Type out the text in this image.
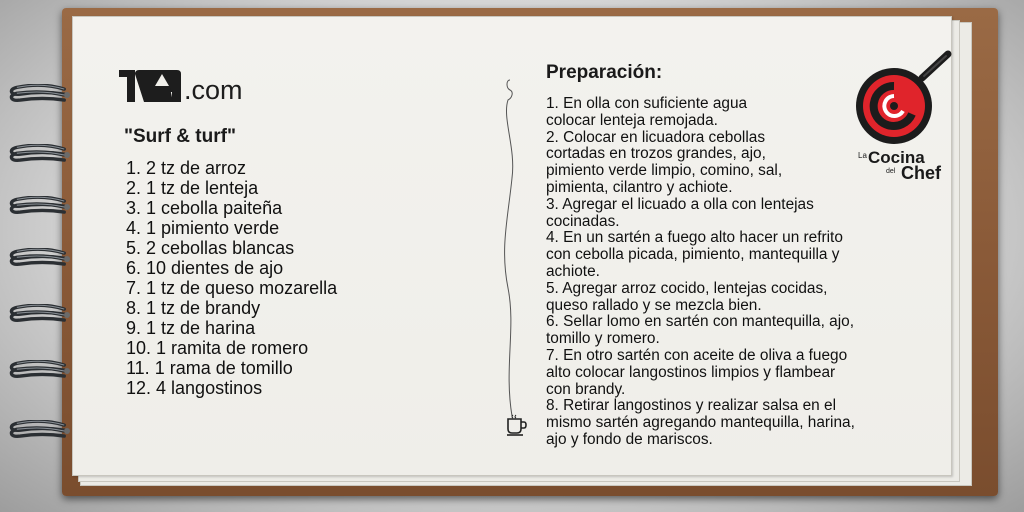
.com
"Surf & turf"
1. 2 tz de arroz
2. 1 tz de lenteja
3. 1 cebolla paiteña
4. 1 pimiento verde
5. 2 cebollas blancas
6. 10 dientes de ajo
7. 1 tz de queso mozarella
8. 1 tz de brandy
9. 1 tz de harina
10. 1 ramita de romero
11. 1 rama de tomillo
12. 4 langostinos
Preparación:
1. En olla con suficiente agua
colocar lenteja remojada.
2. Colocar en licuadora cebollas
cortadas en trozos grandes, ajo,
pimiento verde limpio, comino, sal,
pimienta, cilantro y achiote.
3. Agregar el licuado a olla con lentejas
cocinadas.
4. En un sartén a fuego alto hacer un refrito
con cebolla picada, pimiento, mantequilla y
achiote.
5. Agregar arroz cocido, lentejas cocidas,
queso rallado y se mezcla bien.
6. Sellar lomo en sartén con mantequilla, ajo,
tomillo y romero.
7. En otro sartén con aceite de oliva a fuego
alto colocar langostinos limpios y flambear
con brandy.
8. Retirar langostinos y realizar salsa en el
mismo sartén agregando mantequilla, harina,
ajo y fondo de mariscos.
La Cocina
del Chef
